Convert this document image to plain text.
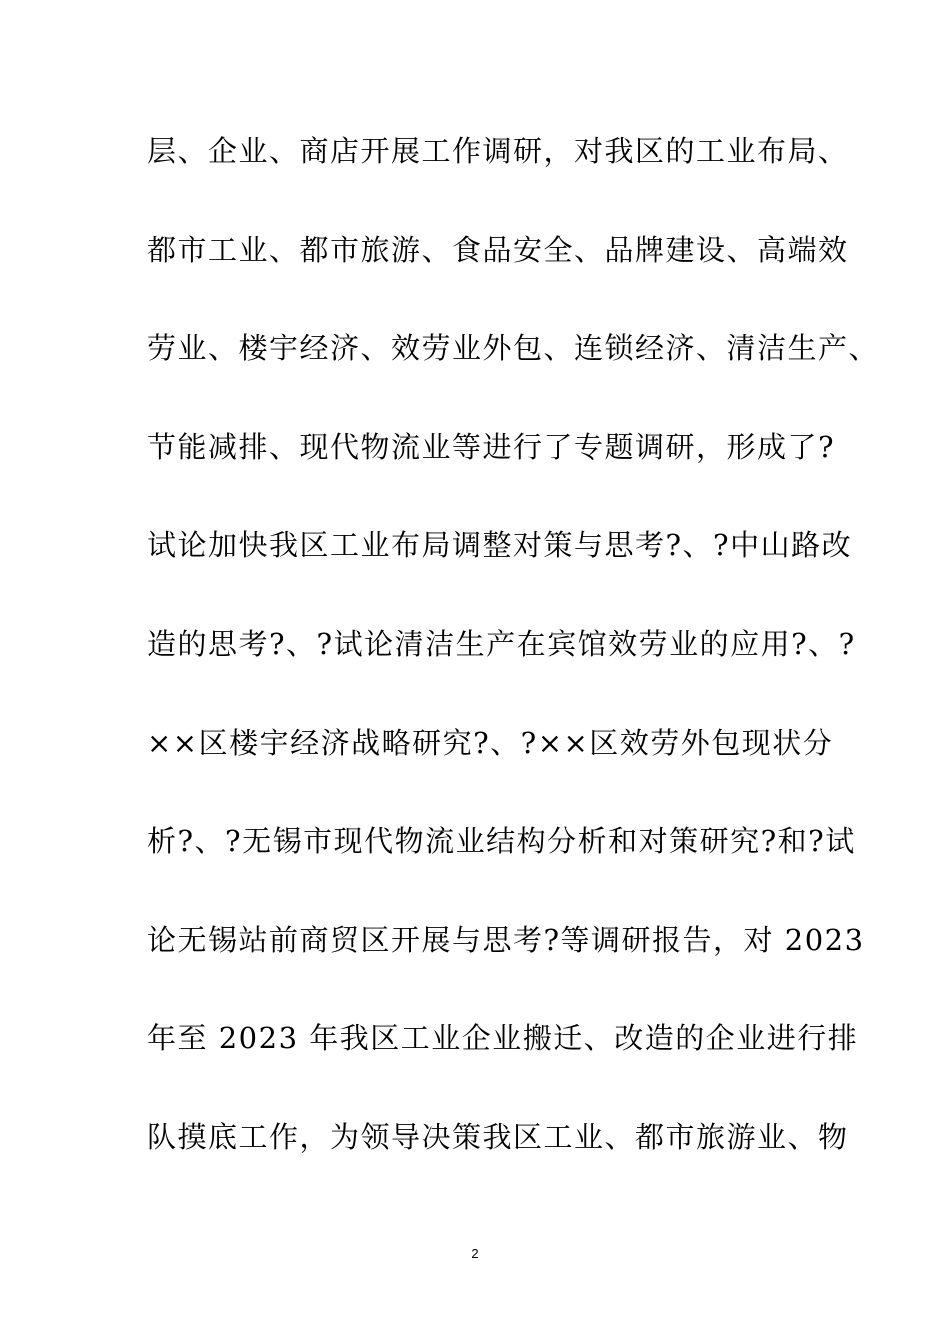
层、企业、商店开展工作调研，对我区的工业布局、
都市工业、都市旅游、食品安全、品牌建设、高端效
劳业、楼宇经济、效劳业外包、连锁经济、清洁生产、
节能减排、现代物流业等进行了专题调研，形成了?
试论加快我区工业布局调整对策与思考?、?中山路改
造的思考?、?试论清洁生产在宾馆效劳业的应用?、?
××区楼宇经济战略研究?、?××区效劳外包现状分
析?、?无锡市现代物流业结构分析和对策研究?和?试
论无锡站前商贸区开展与思考?等调研报告，对 2023
年至 2023 年我区工业企业搬迁、改造的企业进行排
队摸底工作，为领导决策我区工业、都市旅游业、物
2
